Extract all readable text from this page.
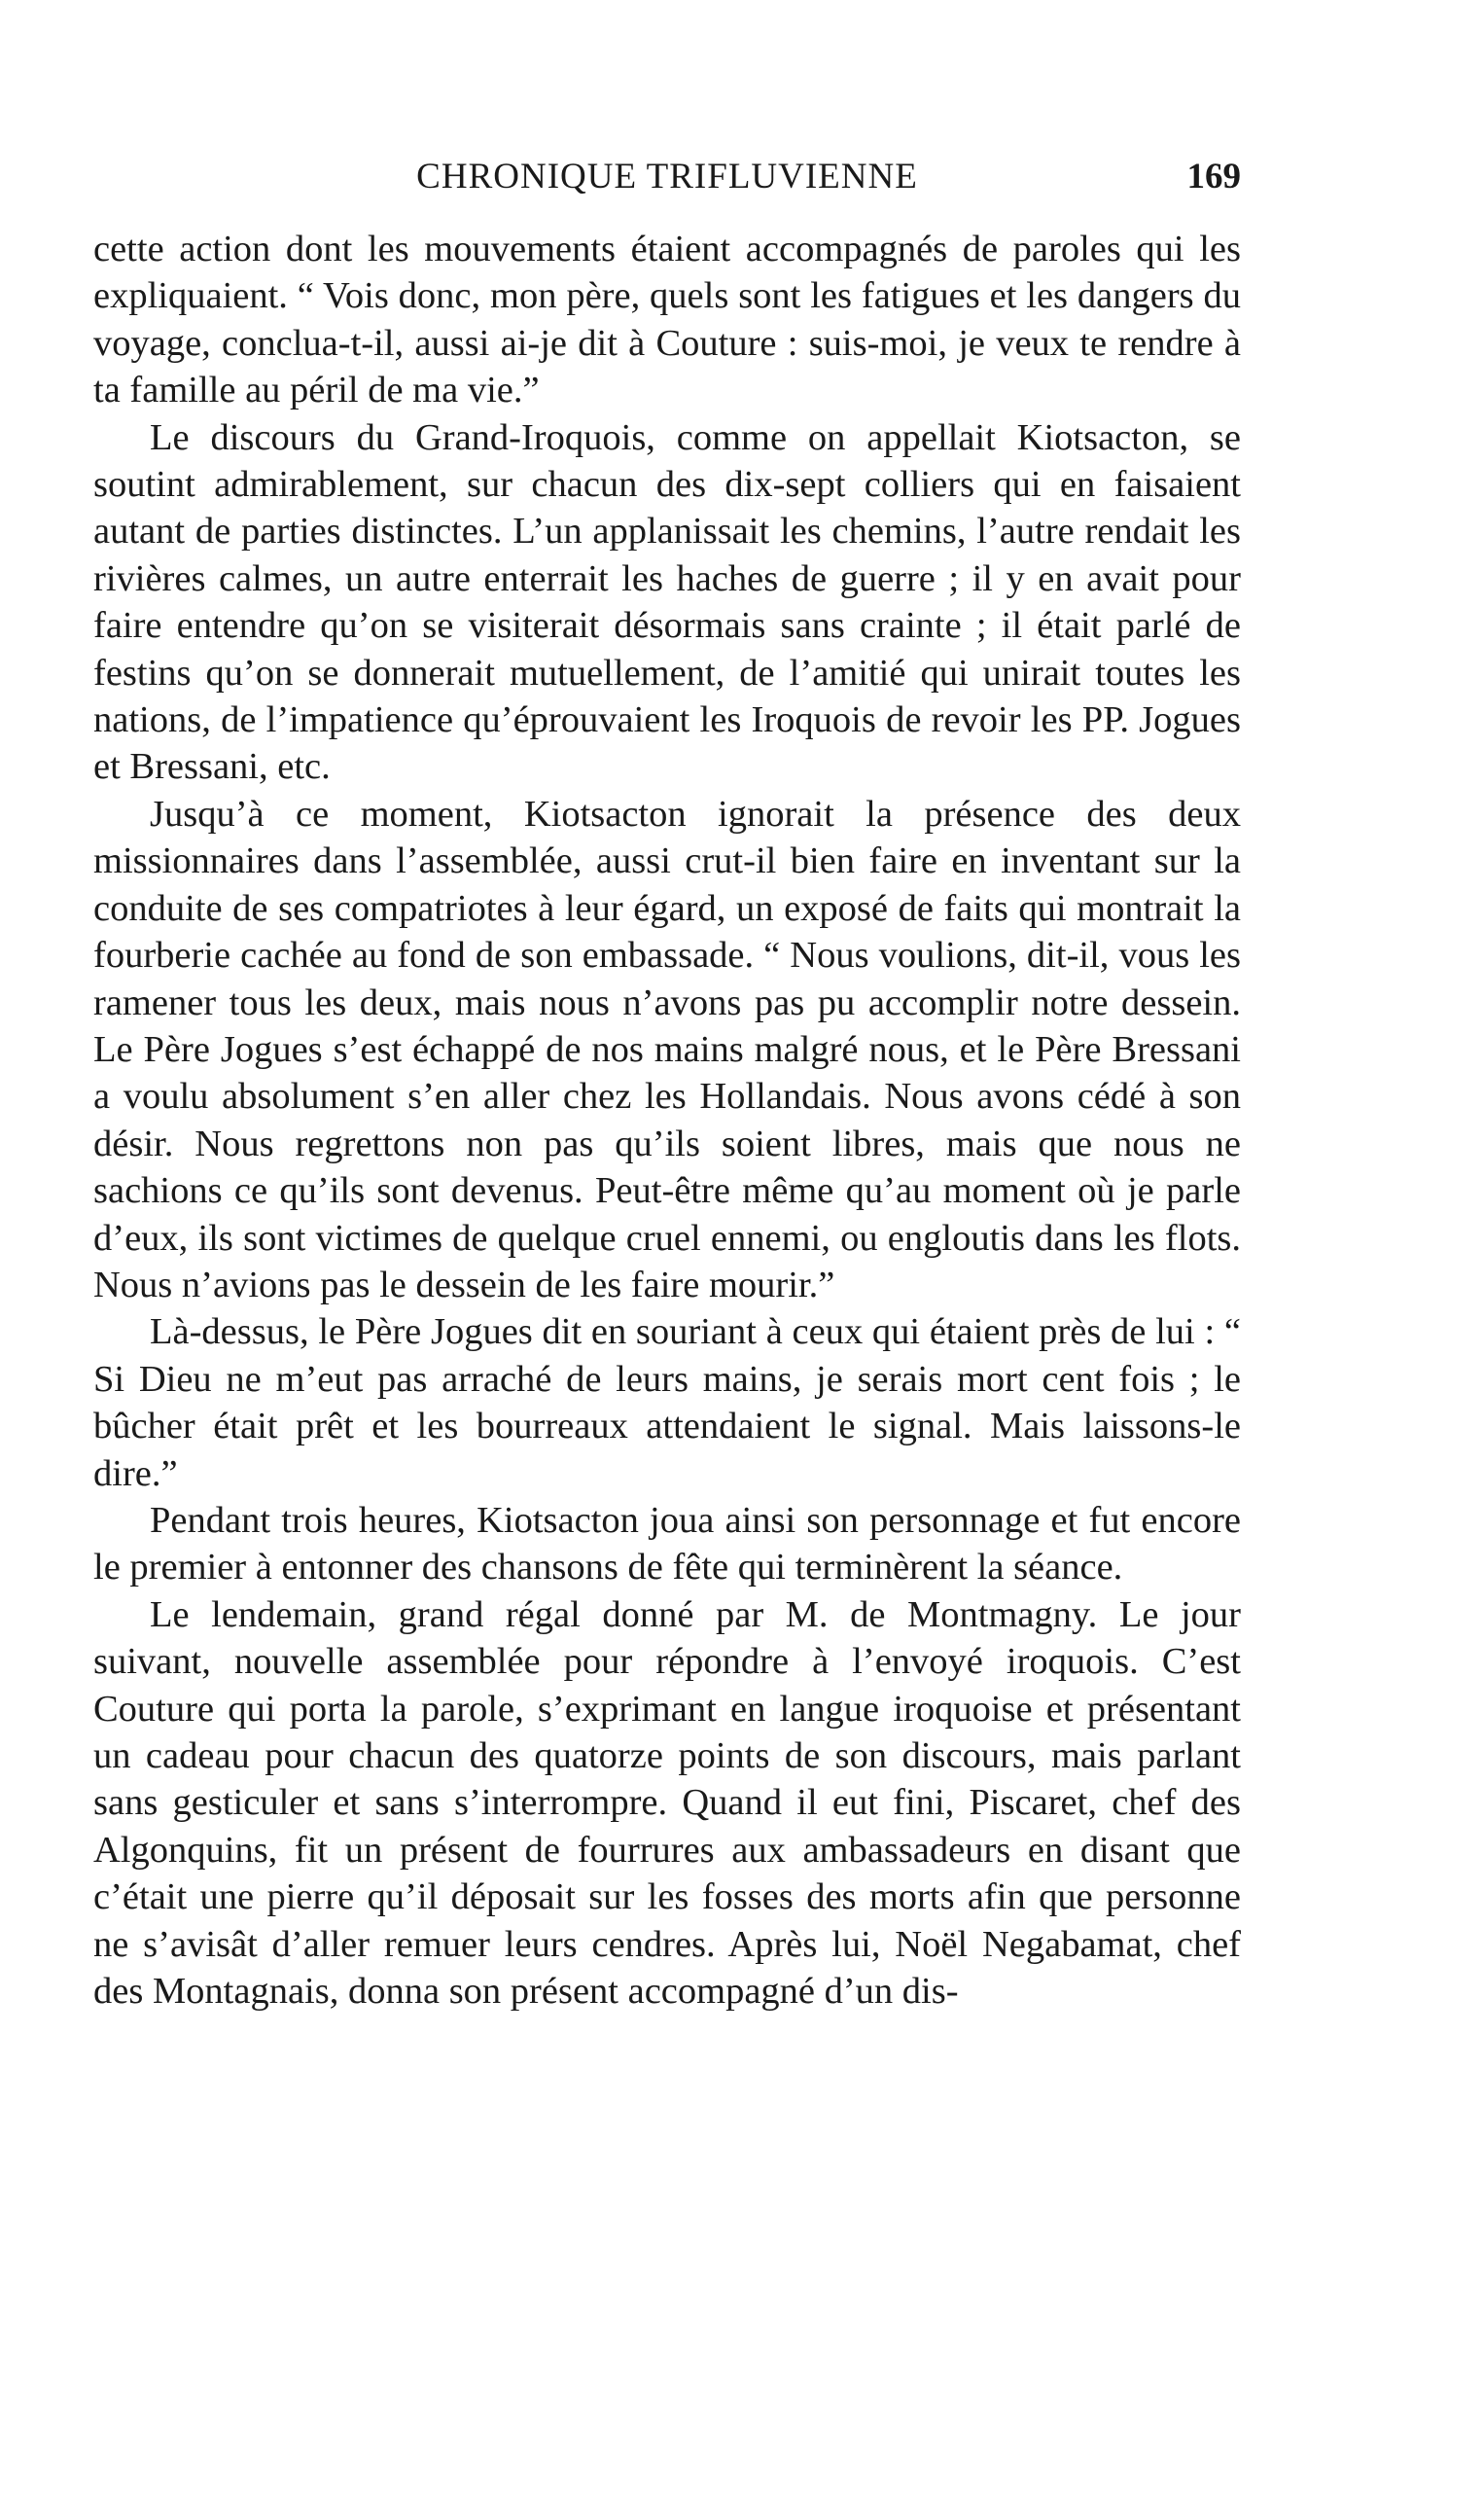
CHRONIQUE TRIFLUVIENNE	169

cette action dont les mouvements étaient accompagnés de paroles qui les expliquaient. “ Vois donc, mon père, quels sont les fatigues et les dangers du voyage, conclua-t-il, aussi ai-je dit à Couture : suis-moi, je veux te rendre à ta famille au péril de ma vie.”

Le discours du Grand-Iroquois, comme on appellait Kiotsacton, se soutint admirablement, sur chacun des dix-sept colliers qui en faisaient autant de parties distinctes. L’un applanissait les chemins, l’autre rendait les rivières calmes, un autre enterrait les haches de guerre ; il y en avait pour faire entendre qu’on se visiterait désormais sans crainte ; il était parlé de festins qu’on se donnerait mutuellement, de l’amitié qui unirait toutes les nations, de l’impatience qu’éprouvaient les Iroquois de revoir les PP. Jogues et Bressani, etc.

Jusqu’à ce moment, Kiotsacton ignorait la présence des deux missionnaires dans l’assemblée, aussi crut-il bien faire en inventant sur la conduite de ses compatriotes à leur égard, un exposé de faits qui montrait la fourberie cachée au fond de son embassade. “ Nous voulions, dit-il, vous les ramener tous les deux, mais nous n’avons pas pu accomplir notre dessein. Le Père Jogues s’est échappé de nos mains malgré nous, et le Père Bressani a voulu absolument s’en aller chez les Hollandais. Nous avons cédé à son désir. Nous regrettons non pas qu’ils soient libres, mais que nous ne sachions ce qu’ils sont devenus. Peut-être même qu’au moment où je parle d’eux, ils sont victimes de quelque cruel ennemi, ou engloutis dans les flots. Nous n’avions pas le dessein de les faire mourir.”

Là-dessus, le Père Jogues dit en souriant à ceux qui étaient près de lui : “ Si Dieu ne m’eut pas arraché de leurs mains, je serais mort cent fois ; le bûcher était prêt et les bourreaux attendaient le signal. Mais laissons-le dire.”

Pendant trois heures, Kiotsacton joua ainsi son personnage et fut encore le premier à entonner des chansons de fête qui terminèrent la séance.

Le lendemain, grand régal donné par M. de Montmagny. Le jour suivant, nouvelle assemblée pour répondre à l’envoyé iroquois. C’est Couture qui porta la parole, s’exprimant en langue iroquoise et présentant un cadeau pour chacun des quatorze points de son discours, mais parlant sans gesticuler et sans s’interrompre. Quand il eut fini, Piscaret, chef des Algonquins, fit un présent de fourrures aux ambassadeurs en disant que c’était une pierre qu’il déposait sur les fosses des morts afin que personne ne s’avisât d’aller remuer leurs cendres. Après lui, Noël Negabamat, chef des Montagnais, donna son présent accompagné d’un dis-
